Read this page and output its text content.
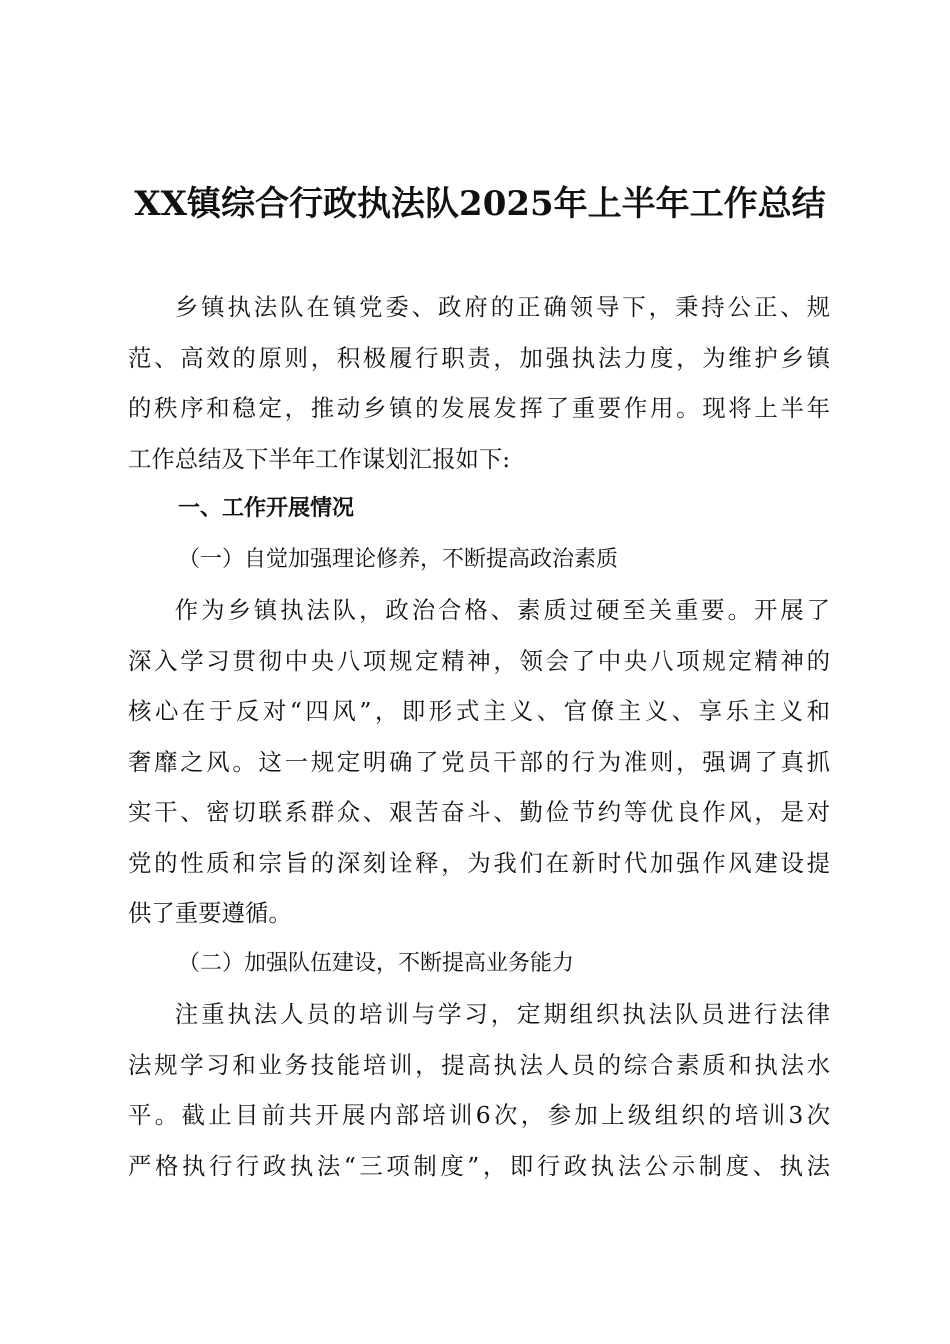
XX镇综合行政执法队2025年上半年工作总结
乡镇执法队在镇党委、政府的正确领导下，秉持公正、规
范、高效的原则，积极履行职责，加强执法力度，为维护乡镇
的秩序和稳定，推动乡镇的发展发挥了重要作用。现将上半年
工作总结及下半年工作谋划汇报如下:
一、工作开展情况
（一）自觉加强理论修养，不断提高政治素质
作为乡镇执法队，政治合格、素质过硬至关重要。开展了
深入学习贯彻中央八项规定精神，领会了中央八项规定精神的
核心在于反对“四风”，即形式主义、官僚主义、享乐主义和
奢靡之风。这一规定明确了党员干部的行为准则，强调了真抓
实干、密切联系群众、艰苦奋斗、勤俭节约等优良作风，是对
党的性质和宗旨的深刻诠释，为我们在新时代加强作风建设提
供了重要遵循。
（二）加强队伍建设，不断提高业务能力
注重执法人员的培训与学习，定期组织执法队员进行法律
法规学习和业务技能培训，提高执法人员的综合素质和执法水
平。截止目前共开展内部培训6次，参加上级组织的培训3次
严格执行行政执法“三项制度”，即行政执法公示制度、执法
